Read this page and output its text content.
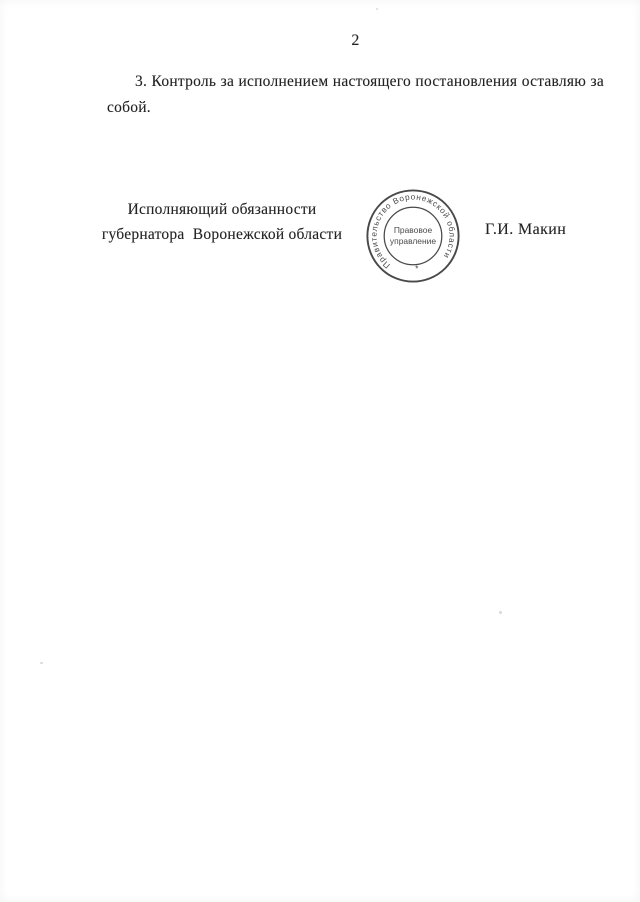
2
3. Контроль за исполнением настоящего постановления оставляю за
собой.
Исполняющий обязанности
губернатора  Воронежской области
Правительство Воронежской области
*
Правовое
управление
Г.И. Макин
